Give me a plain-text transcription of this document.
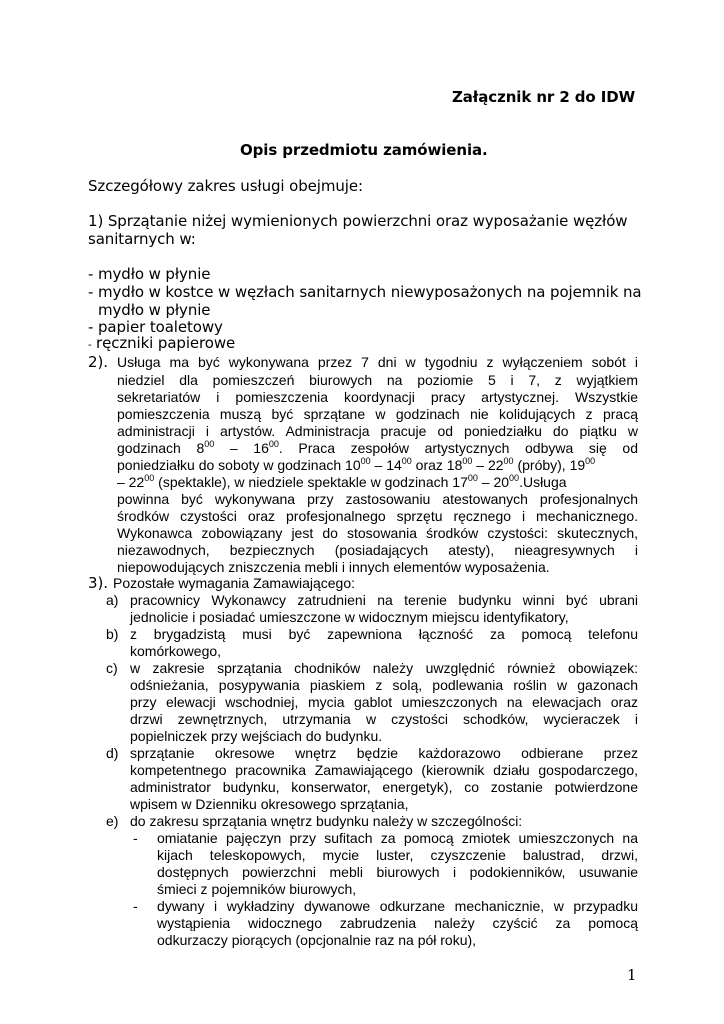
Załącznik nr 2 do IDW
Opis przedmiotu zamówienia.
Szczegółowy zakres usługi obejmuje:
1) Sprzątanie niżej wymienionych powierzchni oraz wyposażanie węzłów
sanitarnych w:
- mydło w płynie
- mydło w kostce w węzłach sanitarnych niewyposażonych na pojemnik na
mydło w płynie
- papier toaletowy
- ręczniki papierowe
2). Usługa ma być wykonywana przez 7 dni w tygodniu z wyłączeniem sobót i
niedziel dla pomieszczeń biurowych na poziomie 5 i 7, z wyjątkiem
sekretariatów i pomieszczenia koordynacji pracy artystycznej. Wszystkie
pomieszczenia muszą być sprzątane w godzinach nie kolidujących z pracą
administracji i artystów. Administracja pracuje od poniedziałku do piątku w
godzinach $8^{00} - 16^{00}$. Praca zespołów artystycznych odbywa się od
poniedziałku do soboty w godzinach $10^{00} - 14^{00}$ oraz $18^{00} - 22^{00}$ (próby), $19^{00}$
– $22^{00}$ (spektakle), w niedziele spektakle w godzinach $17^{00}$ – $20^{00}.Usługa$
powinna być wykonywana przy zastosowaniu atestowanych profesjonalnych
środków czystości oraz profesjonalnego sprzętu ręcznego i mechanicznego.
Wykonawca zobowiązany jest do stosowania środków czystości: skutecznych,
niezawodnych, bezpiecznych (posiadających atesty), nieagresywnych i
niepowodujących zniszczenia mebli i innych elementów wyposażenia.
3). Pozostałe wymagania Zamawiającego:
a) pracownicy Wykonawcy zatrudnieni na terenie budynku winni być ubrani
jednolicie i posiadać umieszczone w widocznym miejscu identyfikatory,
b) z brygadzistą musi być zapewniona łączność za pomocą telefonu
komórkowego,
c) w zakresie sprzątania chodników należy uwzględnić również obowiązek:
odśnieżania, posypywania piaskiem z solą, podlewania roślin w gazonach
przy elewacji wschodniej, mycia gablot umieszczonych na elewacjach oraz
drzwi zewnętrznych, utrzymania w czystości schodków, wycieraczek i
popielniczek przy wejściach do budynku.
d) sprzątanie okresowe wnętrz będzie każdorazowo odbierane przez
kompetentnego pracownika Zamawiającego (kierownik działu gospodarczego,
administrator budynku, konserwator, energetyk), co zostanie potwierdzone
wpisem w Dzienniku okresowego sprzątania,
e) do zakresu sprzątania wnętrz budynku należy w szczególności:
- omiatanie pajęczyn przy sufitach za pomocą zmiotek umieszczonych na
kijach teleskopowych, mycie luster, czyszczenie balustrad, drzwi,
dostępnych powierzchni mebli biurowych i podokienników, usuwanie
śmieci z pojemników biurowych,
- dywany i wykładziny dywanowe odkurzane mechanicznie, w przypadku
wystąpienia widocznego zabrudzenia należy czyścić za pomocą
odkurzaczy piorących (opcjonalnie raz na pół roku),
1
